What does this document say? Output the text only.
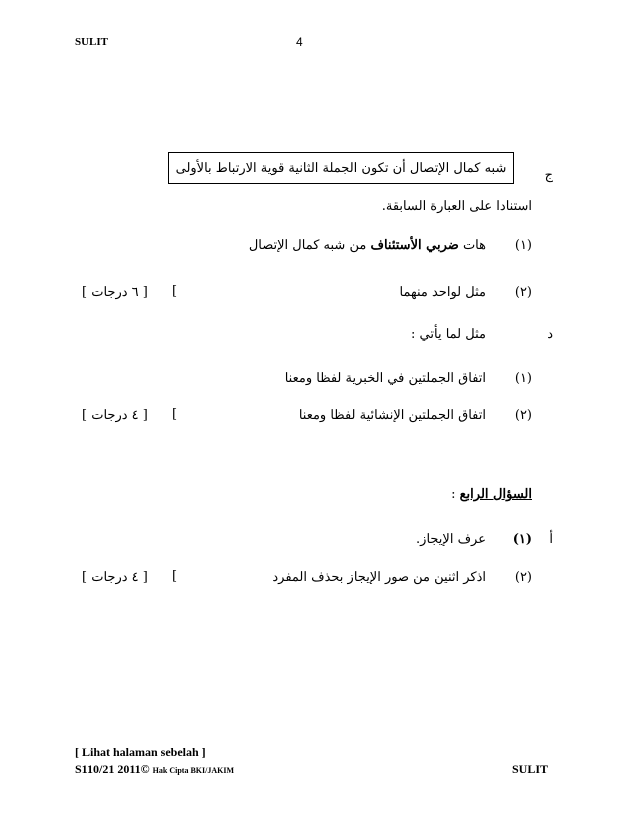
SULIT	4
شبه كمال الإتصال أن تكون الجملة الثانية قوية الارتباط بالأولى	ج
استنادا على العبارة السابقة.
(١)
هات ضربي الأستئناف من شبه كمال الإتصال
(٢)
مثل لواحد منهما
[ ٦ درجات ] [
د
مثل لما يأتي :
(١)
اتفاق الجملتين في الخبرية لفظا ومعنا
(٢)
اتفاق الجملتين الإنشائية لفظا ومعنا
[ ٤ درجات ] [
السؤال الرابع :
أ
(١)
عرف الإيجاز.
(٢)
اذكر اثنين من صور الإيجاز بحذف المفرد
[ ٤ درجات ] [
[ Lihat halaman sebelah ]
S110/21 2011© Hak Cipta BKI/JAKIM	SULIT
